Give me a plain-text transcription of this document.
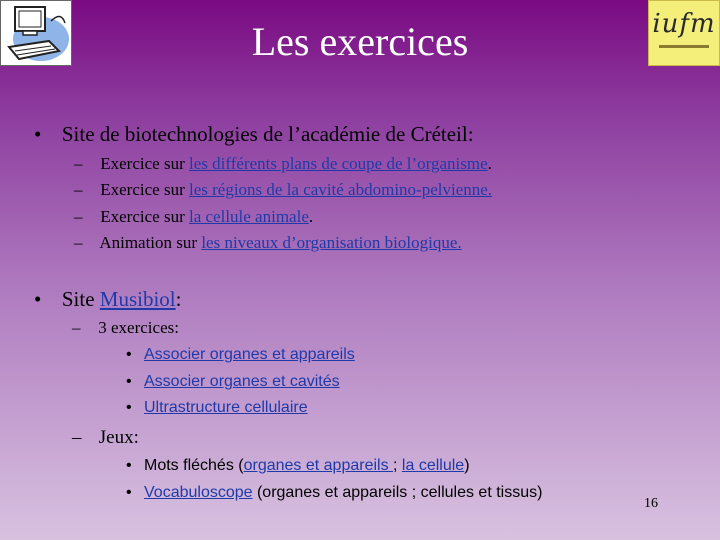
iufm
Les exercices
• Site de biotechnologies de l’académie de Créteil:
– Exercice sur les différents plans de coupe de l’organisme.
– Exercice sur les régions de la cavité abdomino-pelvienne.
– Exercice sur la cellule animale.
– Animation sur les niveaux d’organisation biologique.
• Site Musibiol:
– 3 exercices:
• Associer organes et appareils
• Associer organes et cavités
• Ultrastructure cellulaire
– Jeux:
• Mots fléchés (organes et appareils ; la cellule)
• Vocabuloscope (organes et appareils ; cellules et tissus)
16
